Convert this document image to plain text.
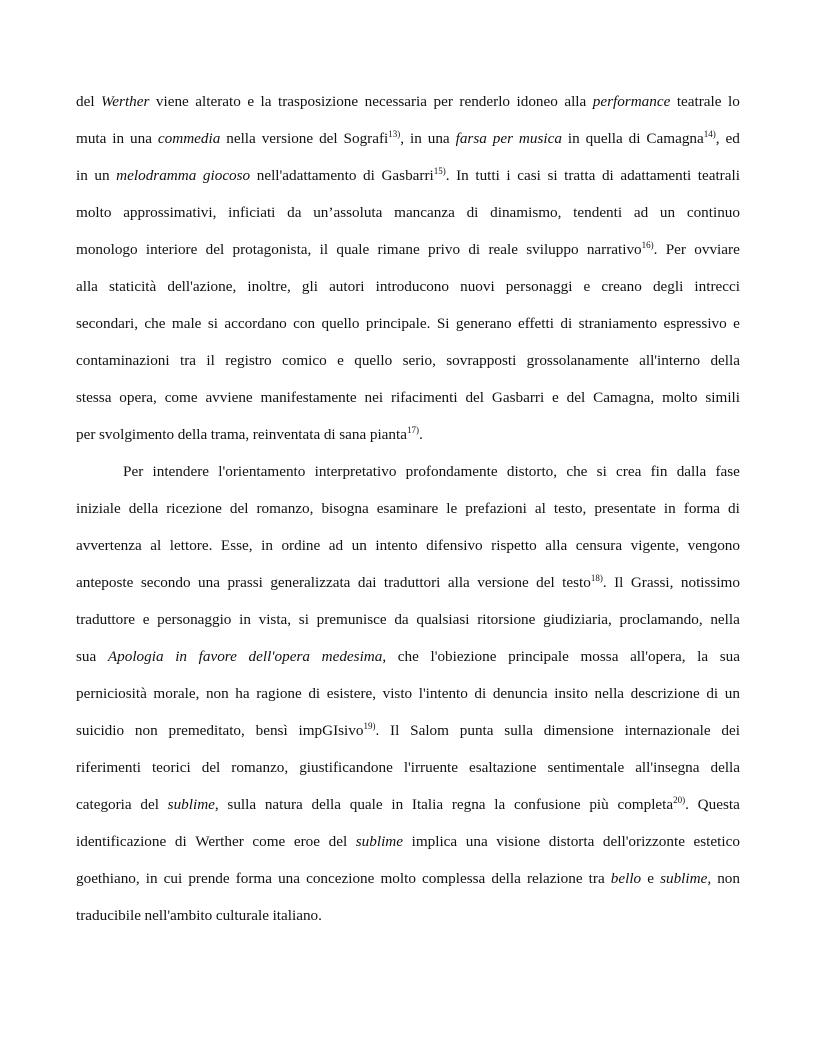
del Werther viene alterato e la trasposizione necessaria per renderlo idoneo alla performance teatrale lo
muta in una commedia nella versione del Sografi$^{13)}$, in una farsa per musica in quella di Camagna$^{14)}$, ed
in un melodramma giocoso nell'adattamento di Gasbarri$^{15)}$. In tutti i casi si tratta di adattamenti teatrali
molto approssimativi, inficiati da un’assoluta mancanza di dinamismo, tendenti ad un continuo
monologo interiore del protagonista, il quale rimane privo di reale sviluppo narrativo$^{16)}$. Per ovviare
alla staticità dell'azione, inoltre, gli autori introducono nuovi personaggi e creano degli intrecci
secondari, che male si accordano con quello principale. Si generano effetti di straniamento espressivo e
contaminazioni tra il registro comico e quello serio, sovrapposti grossolanamente all'interno della
stessa opera, come avviene manifestamente nei rifacimenti del Gasbarri e del Camagna, molto simili
per svolgimento della trama, reinventata di sana pianta$^{17)}$.
Per intendere l'orientamento interpretativo profondamente distorto, che si crea fin dalla fase
iniziale della ricezione del romanzo, bisogna esaminare le prefazioni al testo, presentate in forma di
avvertenza al lettore. Esse, in ordine ad un intento difensivo rispetto alla censura vigente, vengono
anteposte secondo una prassi generalizzata dai traduttori alla versione del testo$^{18)}$. Il Grassi, notissimo
traduttore e personaggio in vista, si premunisce da qualsiasi ritorsione giudiziaria, proclamando, nella
sua Apologia in favore dell'opera medesima, che l'obiezione principale mossa all'opera, la sua
perniciosità morale, non ha ragione di esistere, visto l'intento di denuncia insito nella descrizione di un
suicidio non premeditato, bensì impGIsivo$^{19)}$. Il Salom punta sulla dimensione internazionale dei
riferimenti teorici del romanzo, giustificandone l'irruente esaltazione sentimentale all'insegna della
categoria del sublime, sulla natura della quale in Italia regna la confusione più completa$^{20)}$. Questa
identificazione di Werther come eroe del sublime implica una visione distorta dell'orizzonte estetico
goethiano, in cui prende forma una concezione molto complessa della relazione tra bello e sublime, non
traducibile nell'ambito culturale italiano.
